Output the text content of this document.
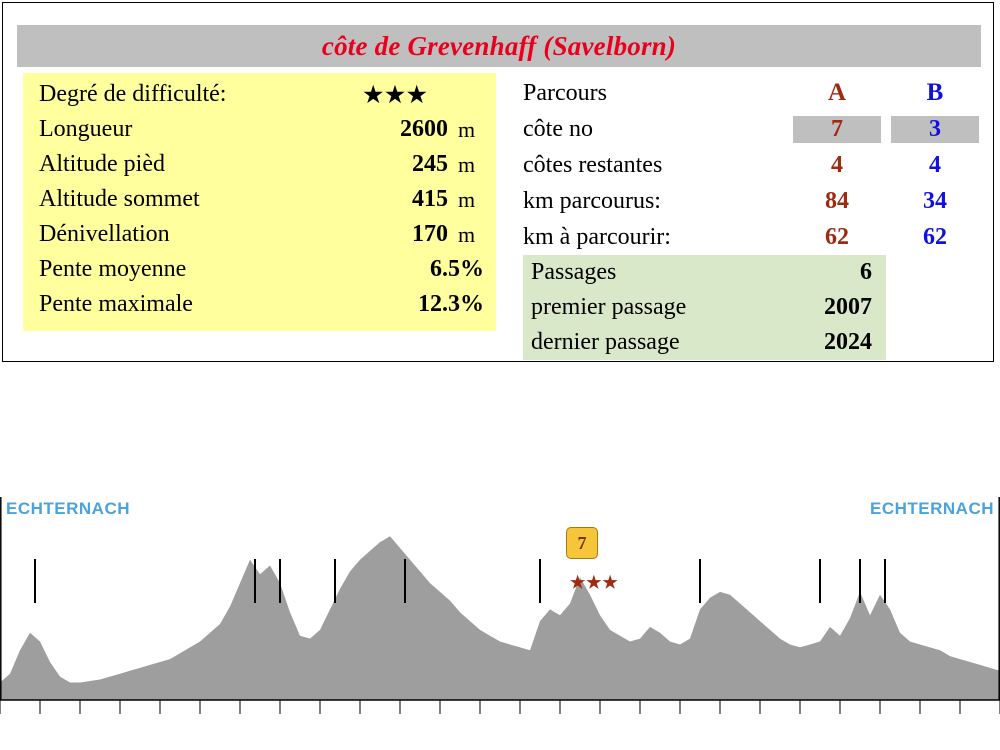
côte de Grevenhaff (Savelborn)
Degré de difficulté:	★★★
Longueur	2600 m
Altitude pièd	245 m
Altitude sommet	415 m
Dénivellation	170 m
Pente moyenne	6.5%
Pente maximale	12.3%
Parcours	A	B
côte no	7	3
côtes restantes	4	4
km parcourus:	84	34
km à parcourir:	62	62
Passages	6
premier passage	2007
dernier passage	2024
ECHTERNACH	ECHTERNACH
7
★★★
